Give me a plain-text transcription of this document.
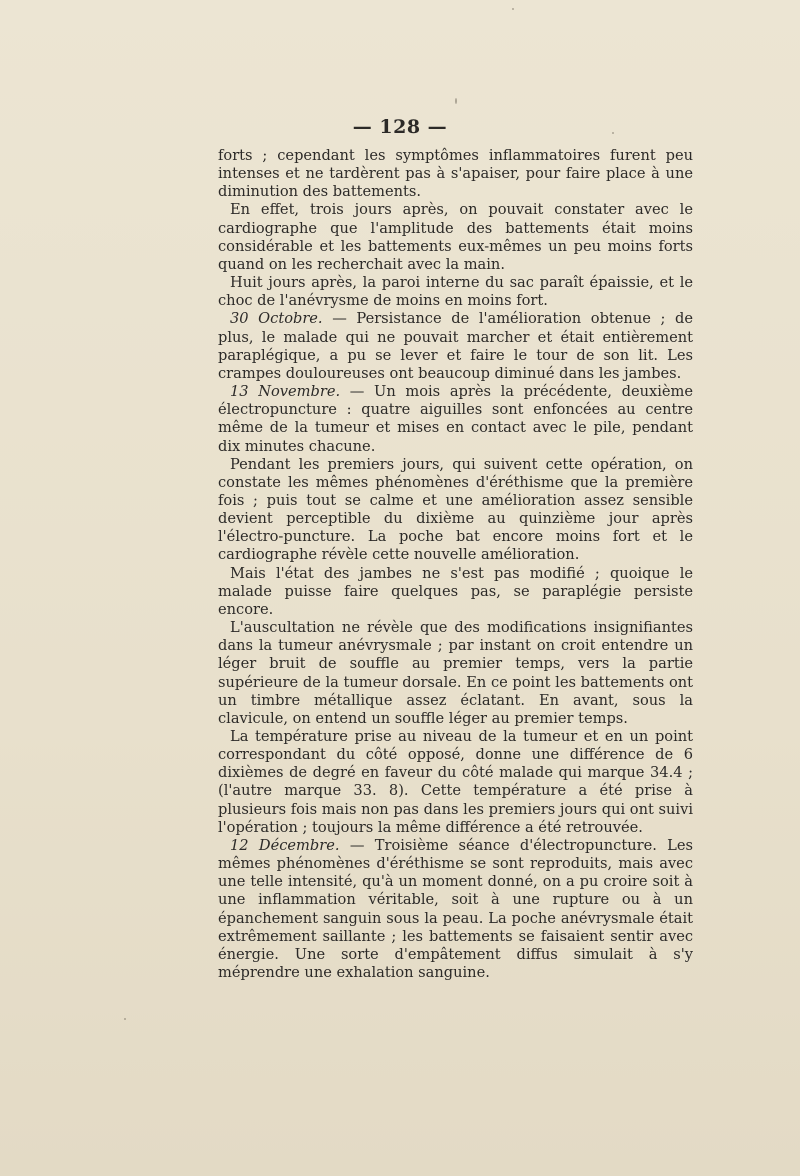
— 128 —

forts ; cependant les symptômes inflammatoires furent peu intenses et ne tardèrent pas à s'apaiser, pour faire place à une diminution des battements.

En effet, trois jours après, on pouvait constater avec le cardiographe que l'amplitude des battements était moins considérable et les battements eux-mêmes un peu moins forts quand on les recherchait avec la main.

Huit jours après, la paroi interne du sac paraît épaissie, et le choc de l'anévrysme de moins en moins fort.

30 Octobre. — Persistance de l'amélioration obtenue ; de plus, le malade qui ne pouvait marcher et était entièrement paraplégique, a pu se lever et faire le tour de son lit. Les crampes douloureuses ont beaucoup diminué dans les jambes.

13 Novembre. — Un mois après la précédente, deuxième électropuncture : quatre aiguilles sont enfoncées au centre même de la tumeur et mises en contact avec le pile, pendant dix minutes chacune.

Pendant les premiers jours, qui suivent cette opération, on constate les mêmes phénomènes d'éréthisme que la première fois ; puis tout se calme et une amélioration assez sensible devient perceptible du dixième au quinzième jour après l'électro-puncture. La poche bat encore moins fort et le cardiographe révèle cette nouvelle amélioration.

Mais l'état des jambes ne s'est pas modifié ; quoique le malade puisse faire quelques pas, se paraplégie persiste encore.

L'auscultation ne révèle que des modifications insignifiantes dans la tumeur anévrysmale ; par instant on croit entendre un léger bruit de souffle au premier temps, vers la partie supérieure de la tumeur dorsale. En ce point les battements ont un timbre métallique assez éclatant. En avant, sous la clavicule, on entend un souffle léger au premier temps.

La température prise au niveau de la tumeur et en un point correspondant du côté opposé, donne une différence de 6 dixièmes de degré en faveur du côté malade qui marque 34.4 ; (l'autre marque 33. 8). Cette température a été prise à plusieurs fois mais non pas dans les premiers jours qui ont suivi l'opération ; toujours la même différence a été retrouvée.

12 Décembre. — Troisième séance d'électropuncture. Les mêmes phénomènes d'éréthisme se sont reproduits, mais avec une telle intensité, qu'à un moment donné, on a pu croire soit à une inflammation véritable, soit à une rupture ou à un épanchement sanguin sous la peau. La poche anévrysmale était extrêmement saillante ; les battements se faisaient sentir avec énergie. Une sorte d'empâtement diffus simulait à s'y méprendre une exhalation sanguine.
